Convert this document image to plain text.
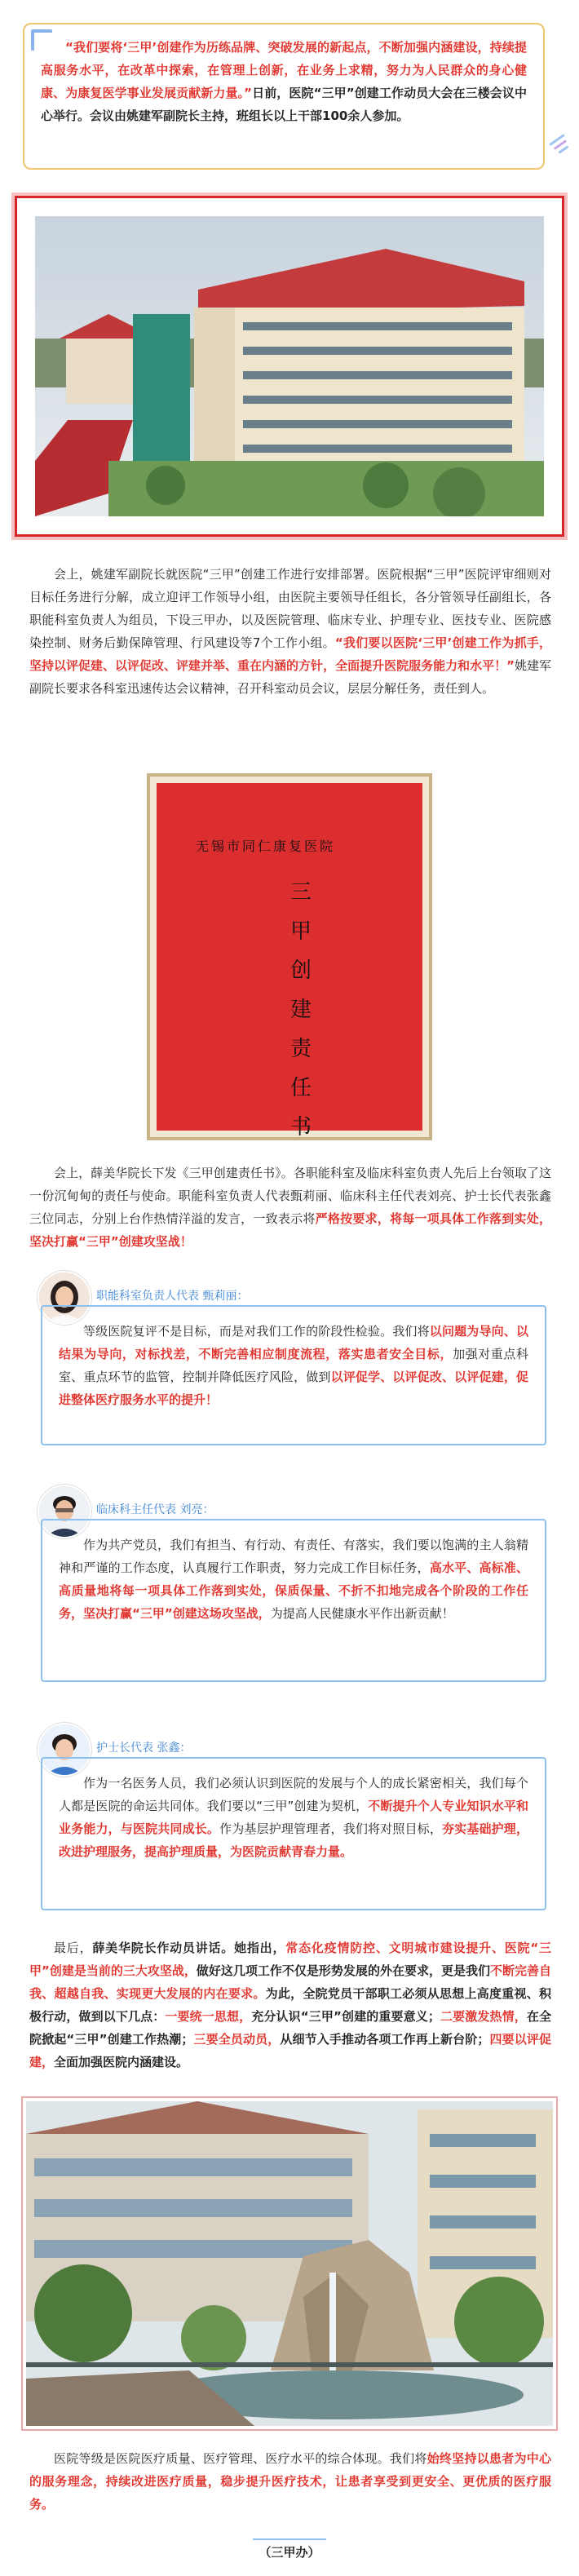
“我们要将‘三甲’创建作为历练品牌、突破发展的新起点，不断加强内涵建设，持续提高服务水平，在改革中探索，在管理上创新，在业务上求精，努力为人民群众的身心健康、为康复医学事业发展贡献新力量。”日前，医院“三甲”创建工作动员大会在三楼会议中心举行。会议由姚建军副院长主持，班组长以上干部100余人参加。

会上，姚建军副院长就医院“三甲”创建工作进行安排部署。医院根据“三甲”医院评审细则对目标任务进行分解，成立迎评工作领导小组，由医院主要领导任组长，各分管领导任副组长，各职能科室负责人为组员，下设三甲办，以及医院管理、临床专业、护理专业、医技专业、医院感染控制、财务后勤保障管理、行风建设等7个工作小组。“我们要以医院‘三甲’创建工作为抓手，坚持以评促建、以评促改、评建并举、重在内涵的方针，全面提升医院服务能力和水平！”姚建军副院长要求各科室迅速传达会议精神，召开科室动员会议，层层分解任务，责任到人。

无锡市同仁康复医院
三甲创建责任书

会上，薛美华院长下发《三甲创建责任书》。各职能科室及临床科室负责人先后上台领取了这一份沉甸甸的责任与使命。职能科室负责人代表甄莉丽、临床科主任代表刘亮、护士长代表张鑫三位同志，分别上台作热情洋溢的发言，一致表示将严格按要求，将每一项具体工作落到实处，坚决打赢“三甲”创建攻坚战！

职能科室负责人代表 甄莉丽：

等级医院复评不是目标，而是对我们工作的阶段性检验。我们将以问题为导向、以结果为导向，对标找差，不断完善相应制度流程，落实患者安全目标，加强对重点科室、重点环节的监管，控制并降低医疗风险，做到以评促学、以评促改、以评促建，促进整体医疗服务水平的提升！

临床科主任代表 刘亮：

作为共产党员，我们有担当、有行动、有责任、有落实，我们要以饱满的主人翁精神和严谨的工作态度，认真履行工作职责，努力完成工作目标任务，高水平、高标准、高质量地将每一项具体工作落到实处，保质保量、不折不扣地完成各个阶段的工作任务，坚决打赢“三甲”创建这场攻坚战，为提高人民健康水平作出新贡献！

护士长代表 张鑫：

作为一名医务人员，我们必须认识到医院的发展与个人的成长紧密相关，我们每个人都是医院的命运共同体。我们要以“三甲”创建为契机，不断提升个人专业知识水平和业务能力，与医院共同成长。作为基层护理管理者，我们将对照目标，夯实基础护理，改进护理服务，提高护理质量，为医院贡献青春力量。

最后，薛美华院长作动员讲话。她指出，常态化疫情防控、文明城市建设提升、医院“三甲”创建是当前的三大攻坚战，做好这几项工作不仅是形势发展的外在要求，更是我们不断完善自我、超越自我、实现更大发展的内在要求。为此，全院党员干部职工必须从思想上高度重视、积极行动，做到以下几点：一要统一思想，充分认识“三甲”创建的重要意义；二要激发热情，在全院掀起“三甲”创建工作热潮；三要全员动员，从细节入手推动各项工作再上新台阶；四要以评促建，全面加强医院内涵建设。

医院等级是医院医疗质量、医疗管理、医疗水平的综合体现。我们将始终坚持以患者为中心的服务理念，持续改进医疗质量，稳步提升医疗技术，让患者享受到更安全、更优质的医疗服务。

（三甲办）
